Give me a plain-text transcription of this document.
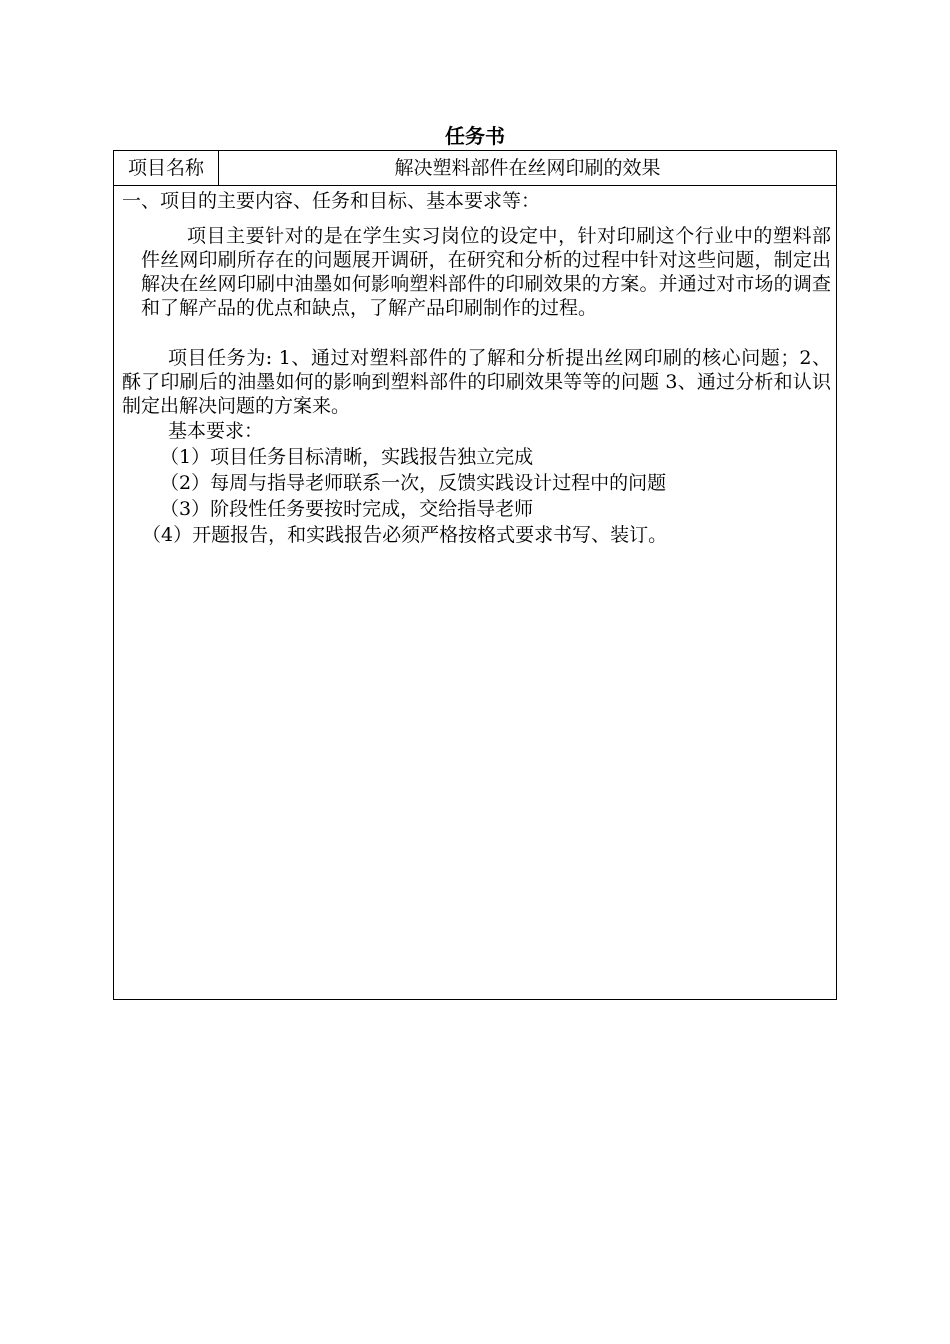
任务书
项目名称	解决塑料部件在丝网印刷的效果
一、项目的主要内容、任务和目标、基本要求等：
项目主要针对的是在学生实习岗位的设定中，针对印刷这个行业中的塑料部件丝网印刷所存在的问题展开调研，在研究和分析的过程中针对这些问题，制定出解决在丝网印刷中油墨如何影响塑料部件的印刷效果的方案。并通过对市场的调查和了解产品的优点和缺点，了解产品印刷制作的过程。
项目任务为: 1、通过对塑料部件的了解和分析提出丝网印刷的核心问题；2、酥了印刷后的油墨如何的影响到塑料部件的印刷效果等等的问题 3、通过分析和认识制定出解决问题的方案来。
基本要求：
（1）项目任务目标清晰，实践报告独立完成
（2）每周与指导老师联系一次，反馈实践设计过程中的问题
（3）阶段性任务要按时完成，交给指导老师
（4）开题报告，和实践报告必须严格按格式要求书写、装订。
